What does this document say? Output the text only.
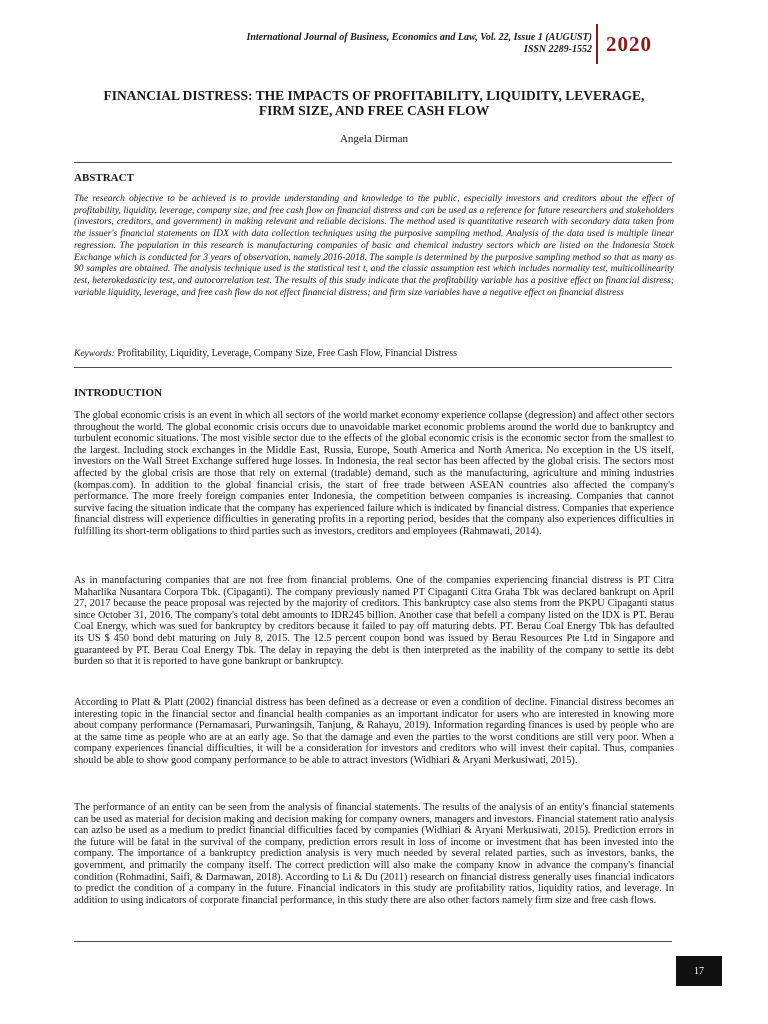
International Journal of Business, Economics and Law, Vol. 22, Issue 1 (AUGUST)
ISSN 2289-1552 2020
FINANCIAL DISTRESS: THE IMPACTS OF PROFITABILITY, LIQUIDITY, LEVERAGE,
FIRM SIZE, AND FREE CASH FLOW
Angela Dirman
ABSTRACT
The research objective to be achieved is to provide understanding and knowledge to the public, especially investors and creditors about the effect of profitability, liquidity, leverage, company size, and free cash flow on financial distress and can be used as a reference for future researchers and stakeholders (investors, creditors, and government) in making relevant and reliable decisions. The method used is quantitative research with secondary data taken from the issuer's financial statements on IDX with data collection techniques using the purposive sampling method. Analysis of the data used is multiple linear regression. The population in this research is manufacturing companies of basic and chemical industry sectors which are listed on the Indonesia Stock Exchange which is conducted for 3 years of observation, namely 2016-2018. The sample is determined by the purposive sampling method so that as many as 90 samples are obtained. The analysis technique used is the statistical test t, and the classic assumption test which includes normality test, multicollinearity test, heterokedasticity test, and autocorrelation test. The results of this study indicate that the profitability variable has a positive effect on financial distress; variable liquidity, leverage, and free cash flow do not effect financial distress; and firm size variables have a negative effect on financial distress
Keywords: Profitability, Liquidity, Leverage, Company Size, Free Cash Flow, Financial Distress
INTRODUCTION
The global economic crisis is an event in which all sectors of the world market economy experience collapse (degression) and affect other sectors throughout the world. The global economic crisis occurs due to unavoidable market economic problems around the world due to bankruptcy and turbulent economic situations. The most visible sector due to the effects of the global economic crisis is the economic sector from the smallest to the largest. Including stock exchanges in the Middle East, Russia, Europe, South America and North America. No exception in the US itself, investors on the Wall Street Exchange suffered huge losses. In Indonesia, the real sector has been affected by the global crisis. The sectors most affected by the global crisis are those that rely on external (tradable) demand, such as the manufacturing, agriculture and mining industries (kompas.com). In addition to the global financial crisis, the start of free trade between ASEAN countries also affected the company's performance. The more freely foreign companies enter Indonesia, the competition between companies is increasing. Companies that cannot survive facing the situation indicate that the company has experienced failure which is indicated by financial distress. Companies that experience financial distress will experience difficulties in generating profits in a reporting period, besides that the company also experiences difficulties in fulfilling its short-term obligations to third parties such as investors, creditors and employees (Rahmawati, 2014).
As in manufacturing companies that are not free from financial problems. One of the companies experiencing financial distress is PT Citra Maharlika Nusantara Corpora Tbk. (Cipaganti). The company previously named PT Cipaganti Citra Graha Tbk was declared bankrupt on April 27, 2017 because the peace proposal was rejected by the majority of creditors. This bankruptcy case also stems from the PKPU Cipaganti status since October 31, 2016. The company's total debt amounts to IDR245 billion. Another case that befell a company listed on the IDX is PT. Berau Coal Energy, which was sued for bankruptcy by creditors because it failed to pay off maturing debts. PT. Berau Coal Energy Tbk has defaulted its US $ 450 bond debt maturing on July 8, 2015. The 12.5 percent coupon bond was issued by Berau Resources Pte Ltd in Singapore and guaranteed by PT. Berau Coal Energy Tbk. The delay in repaying the debt is then interpreted as the inability of the company to settle its debt burden so that it is reported to have gone bankrupt or bankruptcy.
According to Platt & Platt (2002) financial distress has been defined as a decrease or even a condition of decline. Financial distress becomes an interesting topic in the financial sector and financial health companies as an important indicator for users who are interested in knowing more about company performance (Pernamasari, Purwaningsih, Tanjung, & Rahayu, 2019). Information regarding finances is used by people who are at the same time as people who are at an early age. So that the damage and even the parties to the worst conditions are still very poor. When a company experiences financial difficulties, it will be a consideration for investors and creditors who will invest their capital. Thus, companies should be able to show good company performance to be able to attract investors (Widhiari & Aryani Merkusiwati, 2015).
The performance of an entity can be seen from the analysis of financial statements. The results of the analysis of an entity's financial statements can be used as material for decision making and decision making for company owners, managers and investors. Financial statement ratio analysis can azlso be used as a medium to predict financial difficulties faced by companies (Widhiari & Aryani Merkusiwati, 2015). Prediction errors in the future will be fatal in the survival of the company, prediction errors result in loss of income or investment that has been invested into the company. The importance of a bankruptcy prediction analysis is very much needed by several related parties, such as investors, banks, the government, and primarily the company itself. The correct prediction will also make the company know in advance the company's financial condition (Rohmadini, Saifi, & Darmawan, 2018). According to Li & Du (2011) research on financial distress generally uses financial indicators to predict the condition of a company in the future. Financial indicators in this study are profitability ratios, liquidity ratios, and leverage. In addition to using indicators of corporate financial performance, in this study there are also other factors namely firm size and free cash flows.
17
